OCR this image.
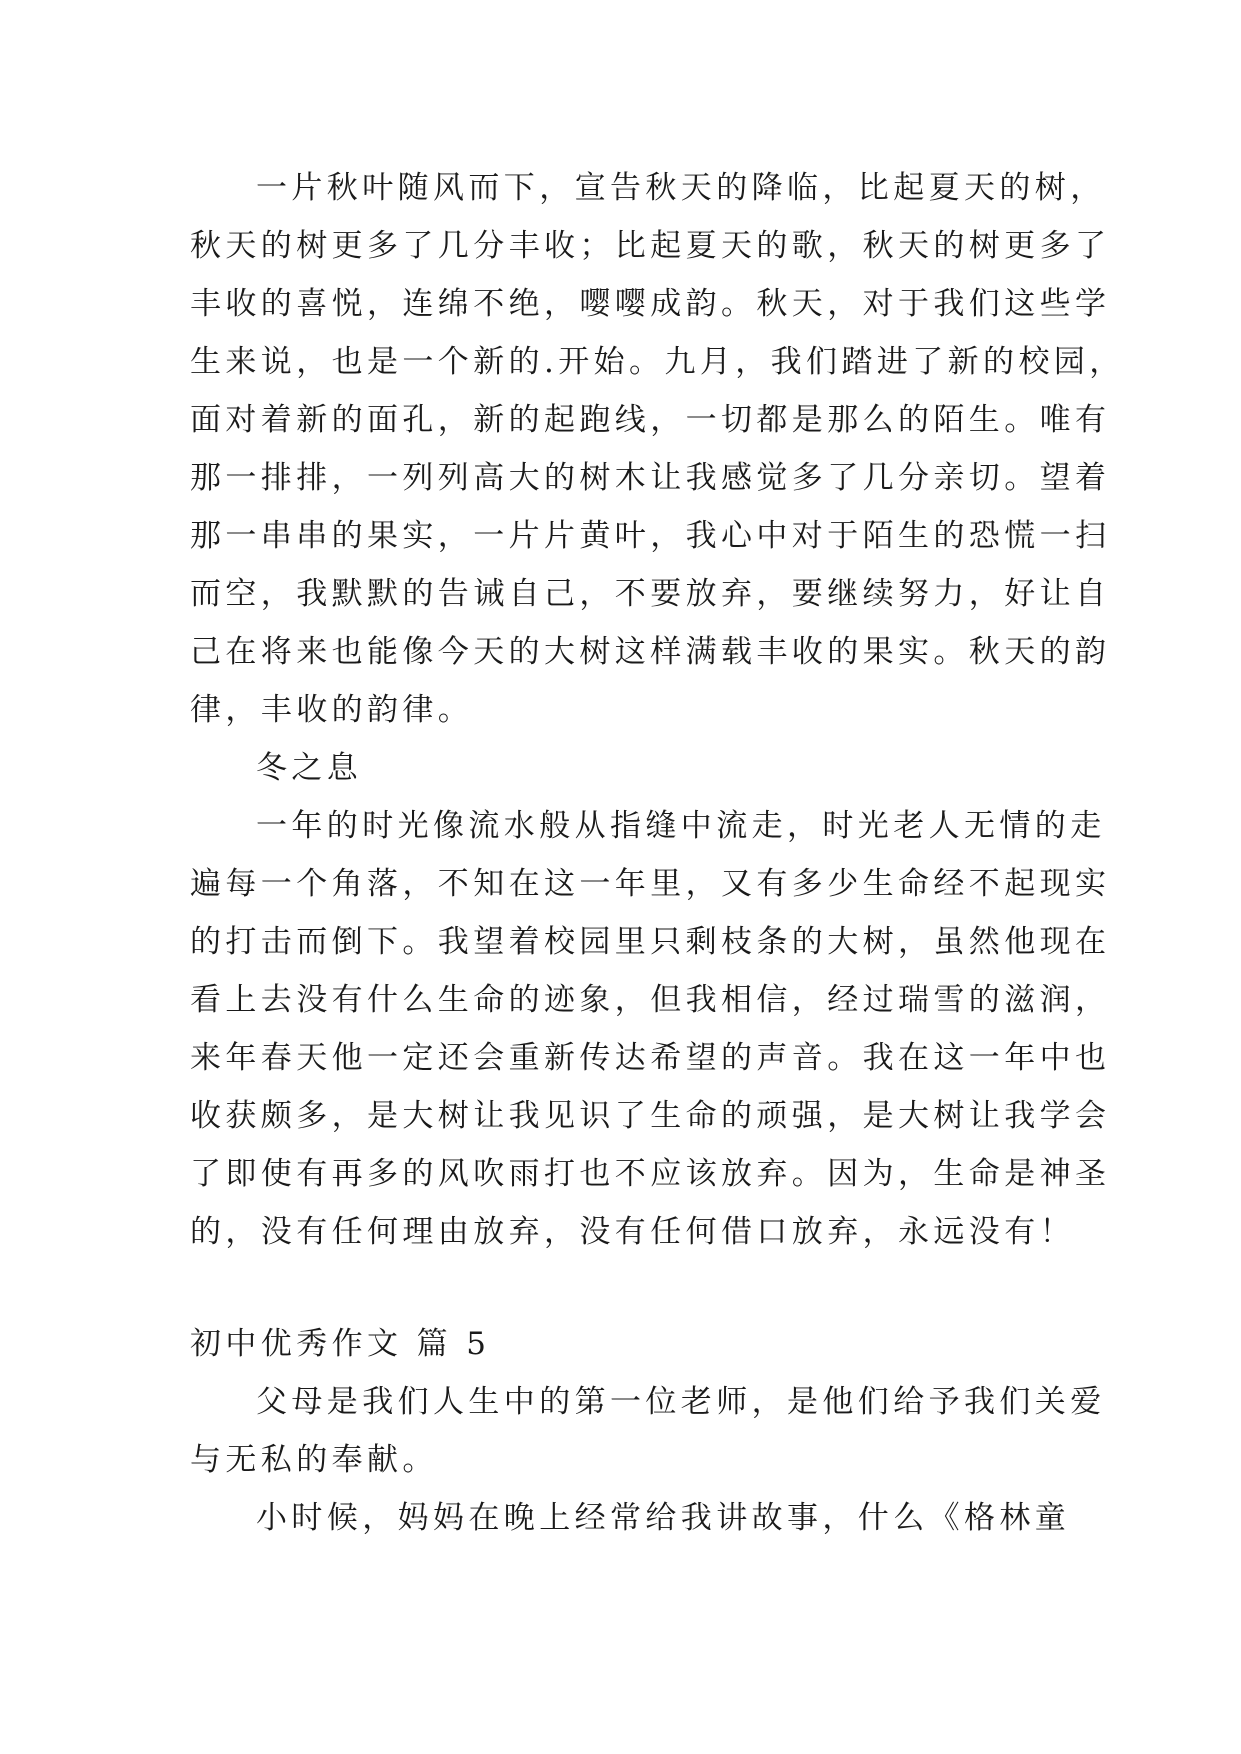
一片秋叶随风而下，宣告秋天的降临，比起夏天的树，
秋天的树更多了几分丰收；比起夏天的歌，秋天的树更多了
丰收的喜悦，连绵不绝，嘤嘤成韵。秋天，对于我们这些学
生来说，也是一个新的.开始。九月，我们踏进了新的校园，
面对着新的面孔，新的起跑线，一切都是那么的陌生。唯有
那一排排，一列列高大的树木让我感觉多了几分亲切。望着
那一串串的果实，一片片黄叶，我心中对于陌生的恐慌一扫
而空，我默默的告诫自己，不要放弃，要继续努力，好让自
己在将来也能像今天的大树这样满载丰收的果实。秋天的韵
律，丰收的韵律。
冬之息
一年的时光像流水般从指缝中流走，时光老人无情的走
遍每一个角落，不知在这一年里，又有多少生命经不起现实
的打击而倒下。我望着校园里只剩枝条的大树，虽然他现在
看上去没有什么生命的迹象，但我相信，经过瑞雪的滋润，
来年春天他一定还会重新传达希望的声音。我在这一年中也
收获颇多，是大树让我见识了生命的顽强，是大树让我学会
了即使有再多的风吹雨打也不应该放弃。因为，生命是神圣
的，没有任何理由放弃，没有任何借口放弃，永远没有！
初中优秀作文 篇 5
父母是我们人生中的第一位老师，是他们给予我们关爱
与无私的奉献。
小时候，妈妈在晚上经常给我讲故事，什么《格林童
